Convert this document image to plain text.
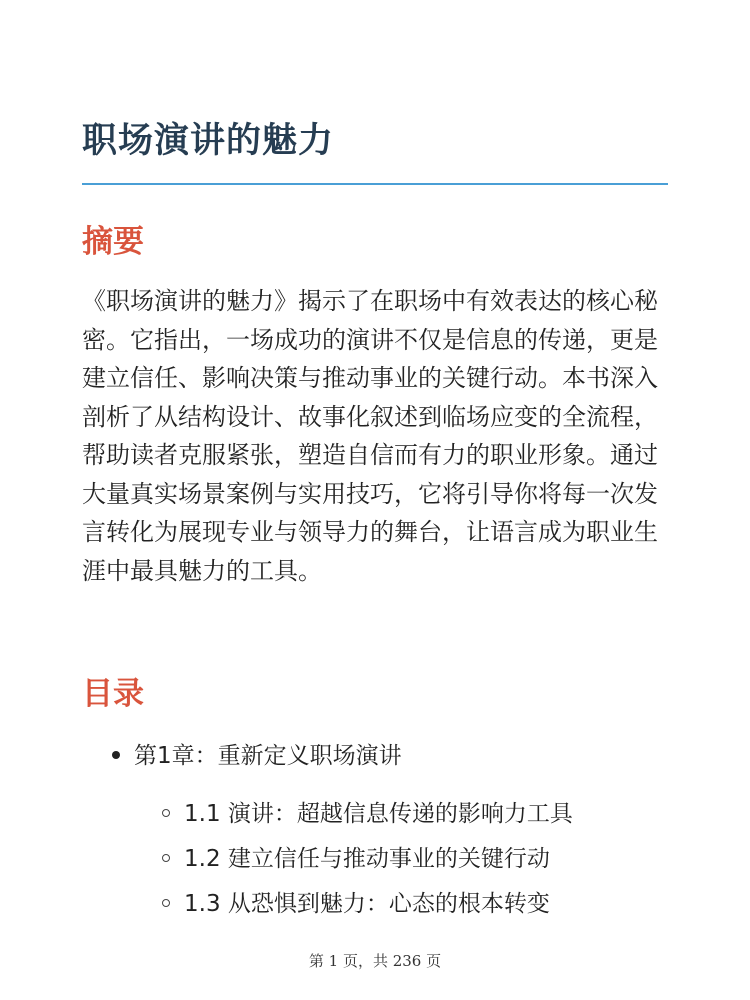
职场演讲的魅力
摘要

《职场演讲的魅力》揭示了在职场中有效表达的核心秘密。它指出，一场成功的演讲不仅是信息的传递，更是建立信任、影响决策与推动事业的关键行动。本书深入剖析了从结构设计、故事化叙述到临场应变的全流程，帮助读者克服紧张，塑造自信而有力的职业形象。通过大量真实场景案例与实用技巧，它将引导你将每一次发言转化为展现专业与领导力的舞台，让语言成为职业生涯中最具魅力的工具。

目录
第1章：重新定义职场演讲
1.1 演讲：超越信息传递的影响力工具
1.2 建立信任与推动事业的关键行动
1.3 从恐惧到魅力：心态的根本转变
第 1 页，共 236 页
